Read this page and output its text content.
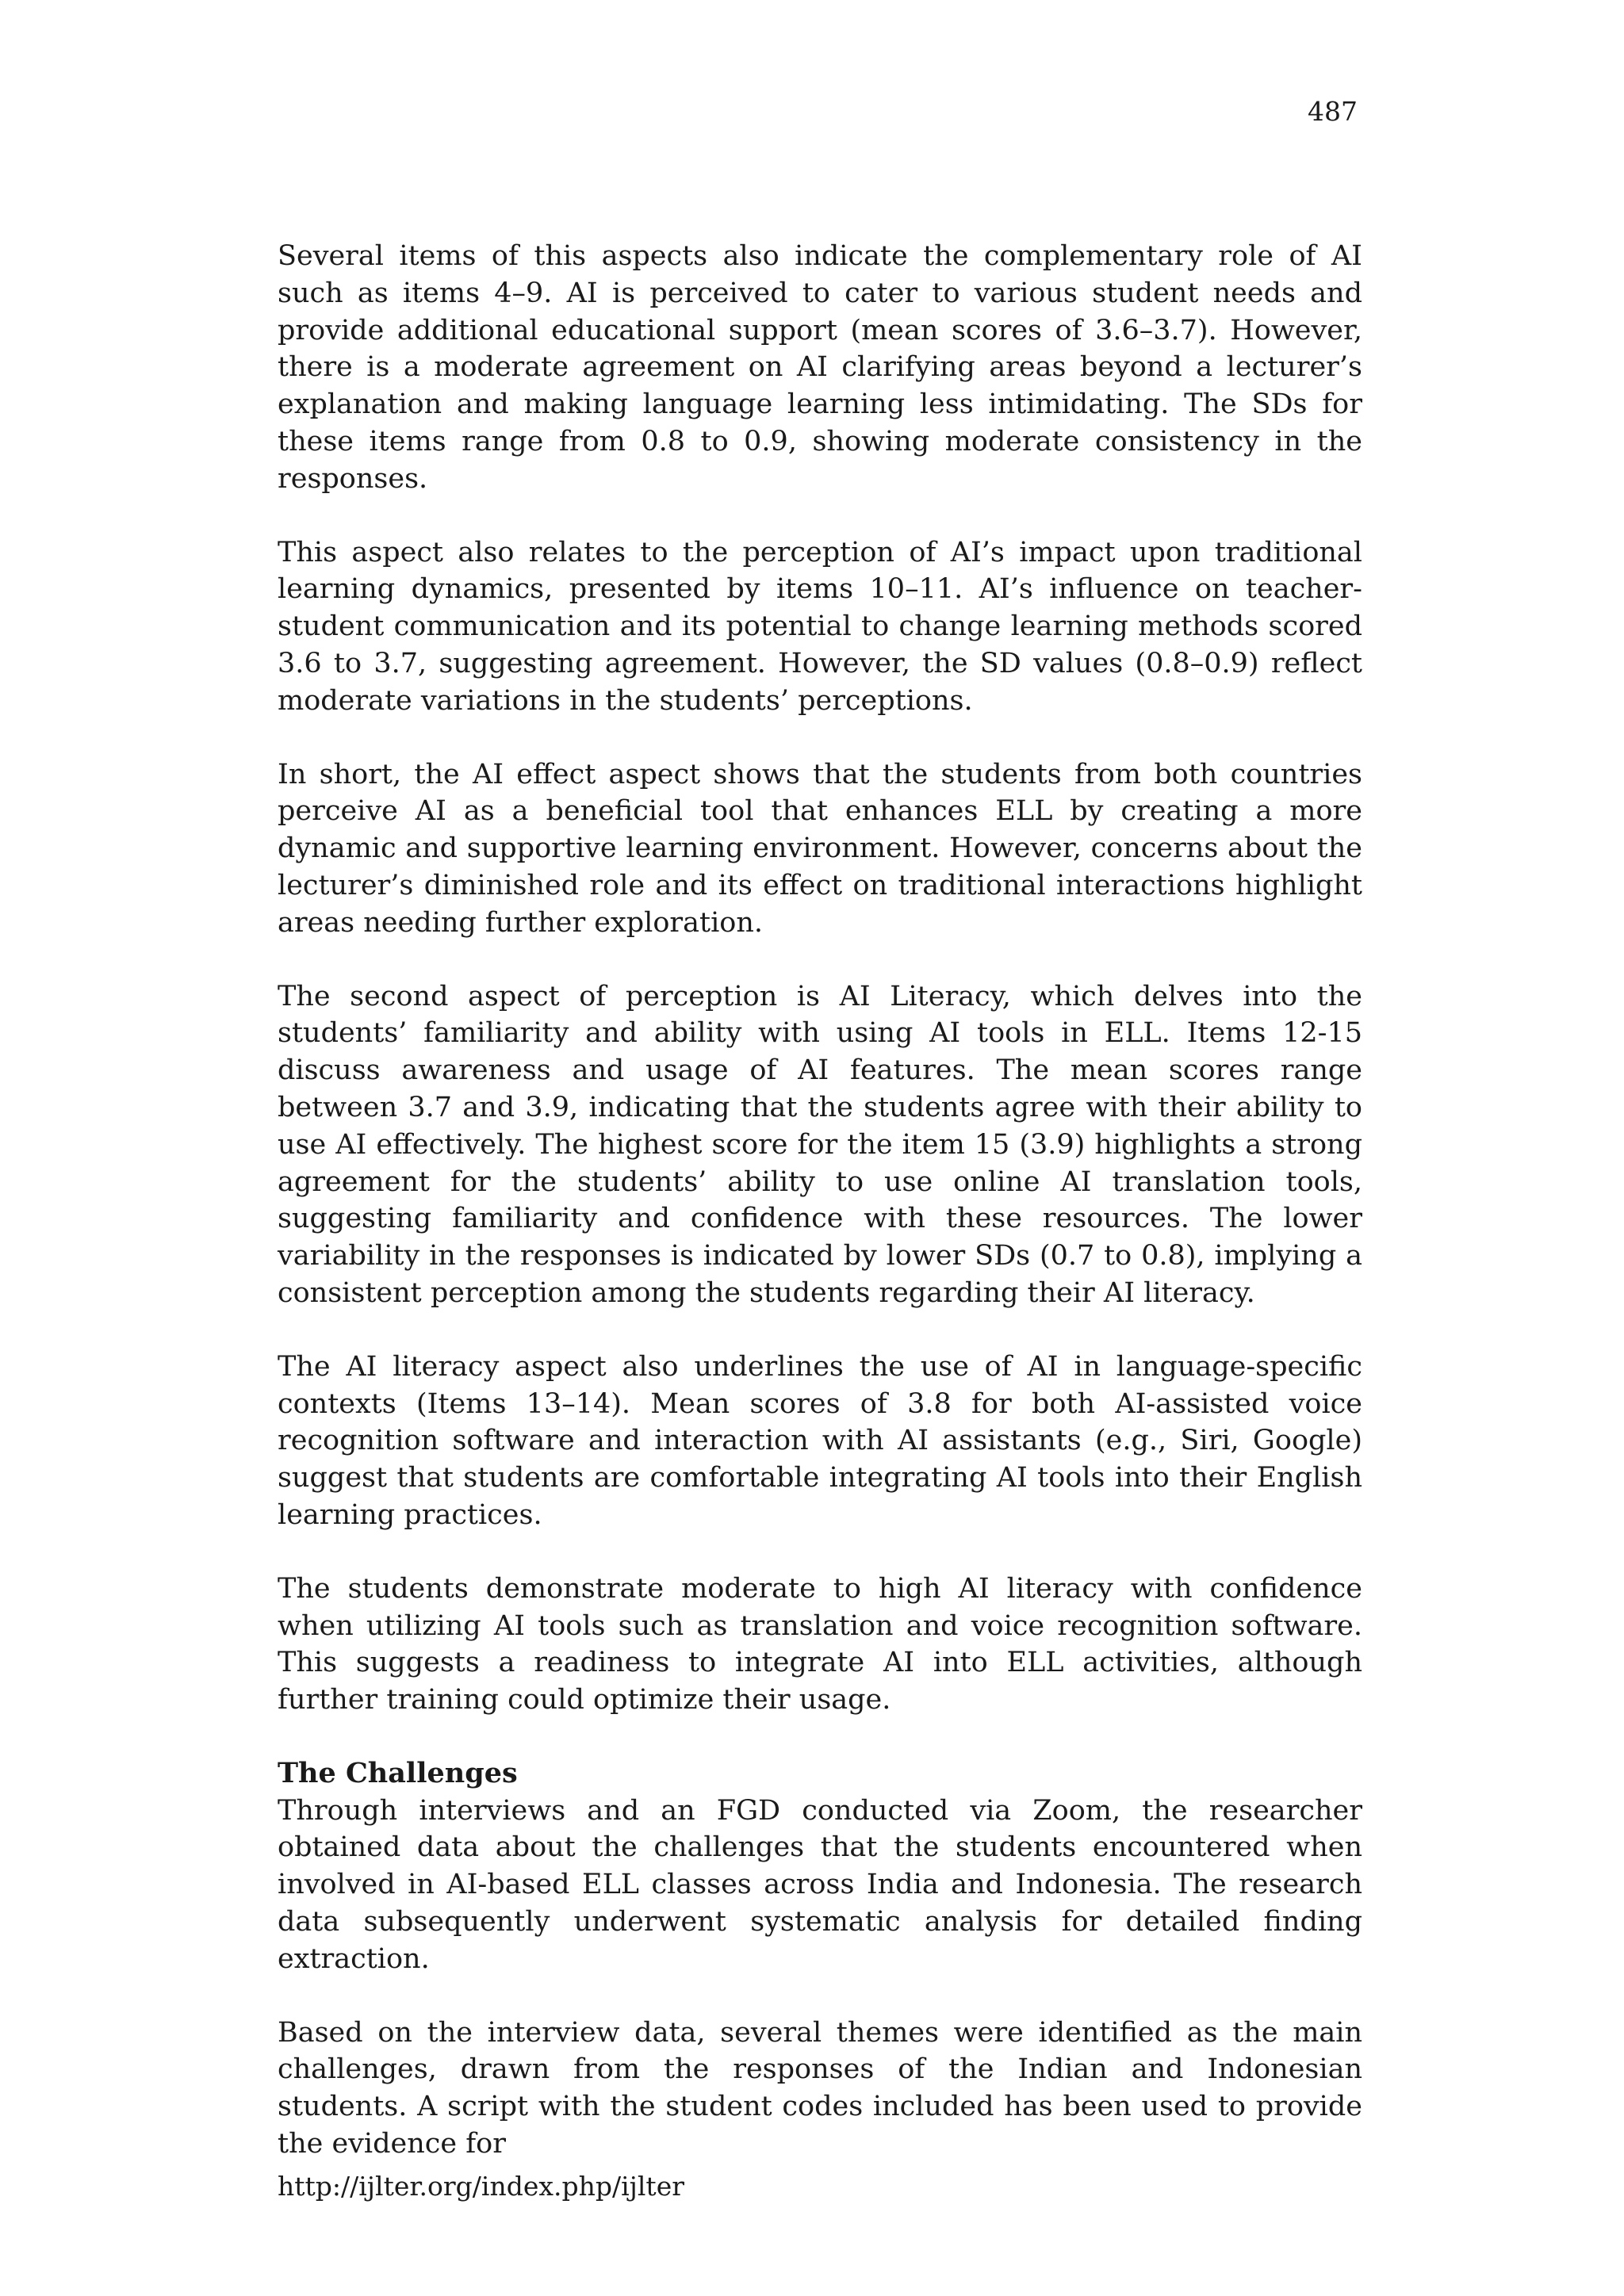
487

Several items of this aspects also indicate the complementary role of AI such as items 4–9. AI is perceived to cater to various student needs and provide additional educational support (mean scores of 3.6–3.7). However, there is a moderate agreement on AI clarifying areas beyond a lecturer’s explanation and making language learning less intimidating. The SDs for these items range from 0.8 to 0.9, showing moderate consistency in the responses.

This aspect also relates to the perception of AI’s impact upon traditional learning dynamics, presented by items 10–11. AI’s influence on teacher-student communication and its potential to change learning methods scored 3.6 to 3.7, suggesting agreement. However, the SD values (0.8–0.9) reflect moderate variations in the students’ perceptions.

In short, the AI effect aspect shows that the students from both countries perceive AI as a beneficial tool that enhances ELL by creating a more dynamic and supportive learning environment. However, concerns about the lecturer’s diminished role and its effect on traditional interactions highlight areas needing further exploration.

The second aspect of perception is AI Literacy, which delves into the students’ familiarity and ability with using AI tools in ELL. Items 12-15 discuss awareness and usage of AI features. The mean scores range between 3.7 and 3.9, indicating that the students agree with their ability to use AI effectively. The highest score for the item 15 (3.9) highlights a strong agreement for the students’ ability to use online AI translation tools, suggesting familiarity and confidence with these resources. The lower variability in the responses is indicated by lower SDs (0.7 to 0.8), implying a consistent perception among the students regarding their AI literacy.

The AI literacy aspect also underlines the use of AI in language-specific contexts (Items 13–14). Mean scores of 3.8 for both AI-assisted voice recognition software and interaction with AI assistants (e.g., Siri, Google) suggest that students are comfortable integrating AI tools into their English learning practices.

The students demonstrate moderate to high AI literacy with confidence when utilizing AI tools such as translation and voice recognition software. This suggests a readiness to integrate AI into ELL activities, although further training could optimize their usage.

The Challenges

Through interviews and an FGD conducted via Zoom, the researcher obtained data about the challenges that the students encountered when involved in AI-based ELL classes across India and Indonesia. The research data subsequently underwent systematic analysis for detailed finding extraction.

Based on the interview data, several themes were identified as the main challenges, drawn from the responses of the Indian and Indonesian students. A script with the student codes included has been used to provide the evidence for

http://ijlter.org/index.php/ijlter
